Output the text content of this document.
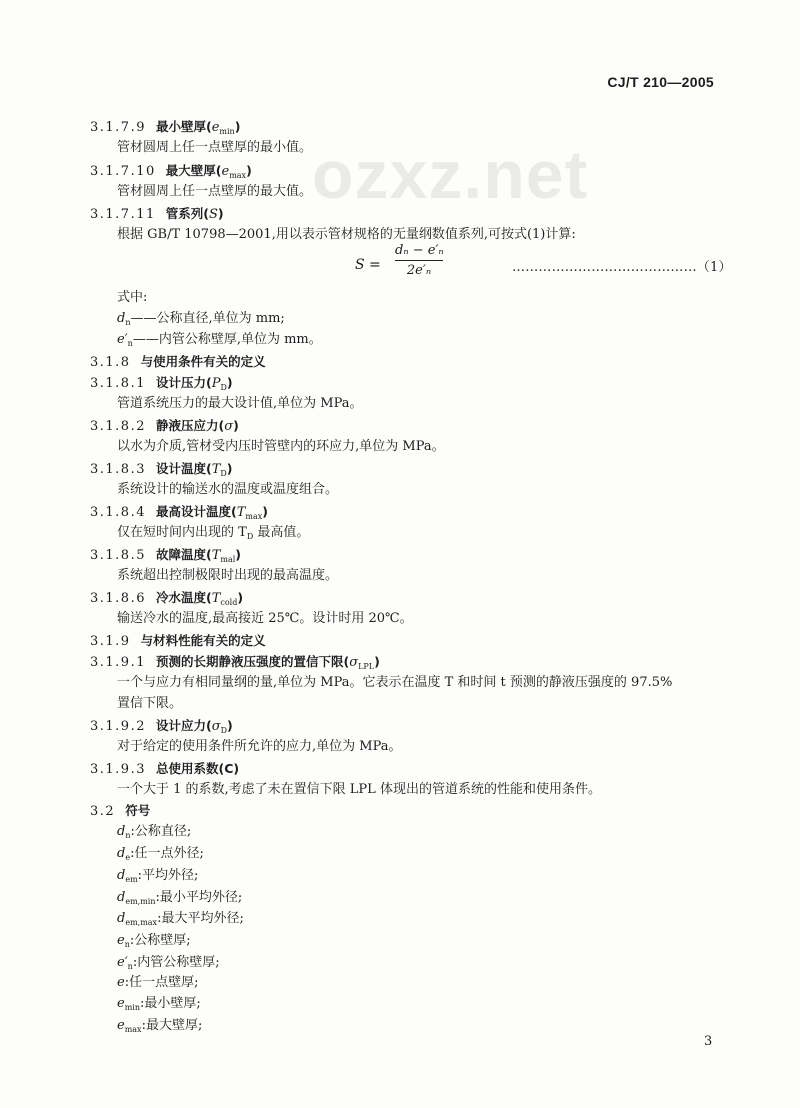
CJ/T 210—2005
ozxz.net
3.1.7.9 最小壁厚$(e_{min})$
管材圆周上任一点壁厚的最小值。
3.1.7.10 最大壁厚$(e_{max})$
管材圆周上任一点壁厚的最大值。
3.1.7.11 管系列(S)
根据 GB/T 10798—2001,用以表示管材规格的无量纲数值系列,可按式(1)计算:
式中:
$d_n——$公称直径,单位为 mm;
$e'_n——$内管公称壁厚,单位为 mm。
3.1.8 与使用条件有关的定义
3.1.8.1 设计压力$(P_D)$
管道系统压力的最大设计值,单位为 MPa。
3.1.8.2 静液压应力(σ)
以水为介质,管材受内压时管壁内的环应力,单位为 MPa。
3.1.8.3 设计温度$(T_D)$
系统设计的输送水的温度或温度组合。
3.1.8.4 最高设计温度$(T_{max})$
仅在短时间内出现的 $T_D$ 最高值。
3.1.8.5 故障温度$(T_{mal})$
系统超出控制极限时出现的最高温度。
3.1.8.6 冷水温度$(T_{cold})$
输送冷水的温度,最高接近 25℃。设计时用 20℃。
3.1.9 与材料性能有关的定义
3.1.9.1 预测的长期静液压强度的置信下限$(\sigma_{LPL})$
一个与应力有相同量纲的量,单位为 MPa。它表示在温度 T 和时间 t 预测的静液压强度的 97.5%
置信下限。
3.1.9.2 设计应力$(\sigma_D)$
对于给定的使用条件所允许的应力,单位为 MPa。
3.1.9.3 总使用系数(C)
一个大于 1 的系数,考虑了未在置信下限 LPL 体现出的管道系统的性能和使用条件。
3.2 符号
$d_n$:公称直径;
$d_e$:任一点外径;
$d_{em}$:平均外径;
$d_{em,min}$:最小平均外径;
$d_{em,max}$:最大平均外径;
$e_n$:公称壁厚;
$e'_n$:内管公称壁厚;
e:任一点壁厚;
$e_{min}$:最小壁厚;
$e_{max}$:最大壁厚;
S =
dₙ − e′ₙ
2e′ₙ	……………………………………（1）
3
